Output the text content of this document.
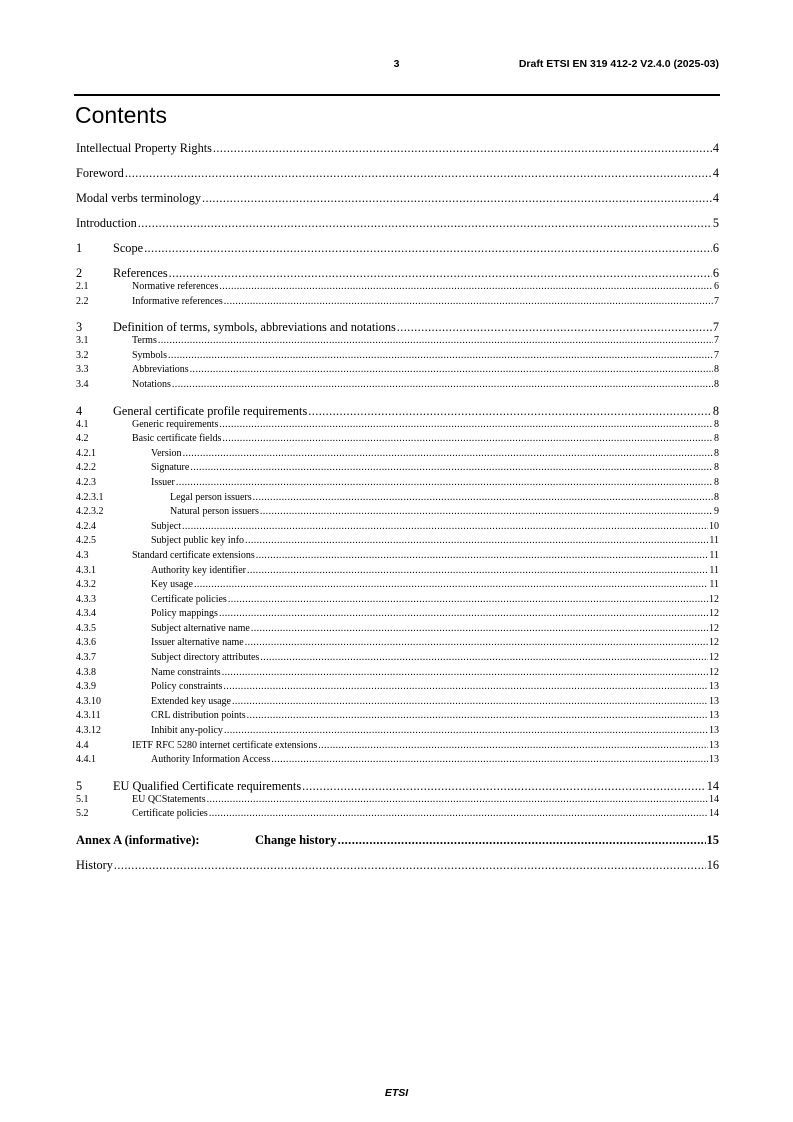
3	Draft ETSI EN 319 412-2 V2.4.0 (2025-03)
Contents
Intellectual Property Rights .....	4
Foreword .....	4
Modal verbs terminology .....	4
Introduction .....	5
1	Scope .....	6
2	References .....	6
2.1	Normative references .....	6
2.2	Informative references .....	7
3	Definition of terms, symbols, abbreviations and notations .....	7
3.1	Terms .....	7
3.2	Symbols .....	7
3.3	Abbreviations .....	8
3.4	Notations .....	8
4	General certificate profile requirements .....	8
4.1	Generic requirements .....	8
4.2	Basic certificate fields .....	8
4.2.1	Version .....	8
4.2.2	Signature .....	8
4.2.3	Issuer .....	8
4.2.3.1	Legal person issuers .....	8
4.2.3.2	Natural person issuers .....	9
4.2.4	Subject .....	10
4.2.5	Subject public key info .....	11
4.3	Standard certificate extensions .....	11
4.3.1	Authority key identifier .....	11
4.3.2	Key usage .....	11
4.3.3	Certificate policies .....	12
4.3.4	Policy mappings .....	12
4.3.5	Subject alternative name .....	12
4.3.6	Issuer alternative name .....	12
4.3.7	Subject directory attributes .....	12
4.3.8	Name constraints .....	12
4.3.9	Policy constraints .....	13
4.3.10	Extended key usage .....	13
4.3.11	CRL distribution points .....	13
4.3.12	Inhibit any-policy .....	13
4.4	IETF RFC 5280 internet certificate extensions .....	13
4.4.1	Authority Information Access .....	13
5	EU Qualified Certificate requirements .....	14
5.1	EU QCStatements .....	14
5.2	Certificate policies .....	14
Annex A (informative):	Change history .....	15
History .....	16
ETSI
